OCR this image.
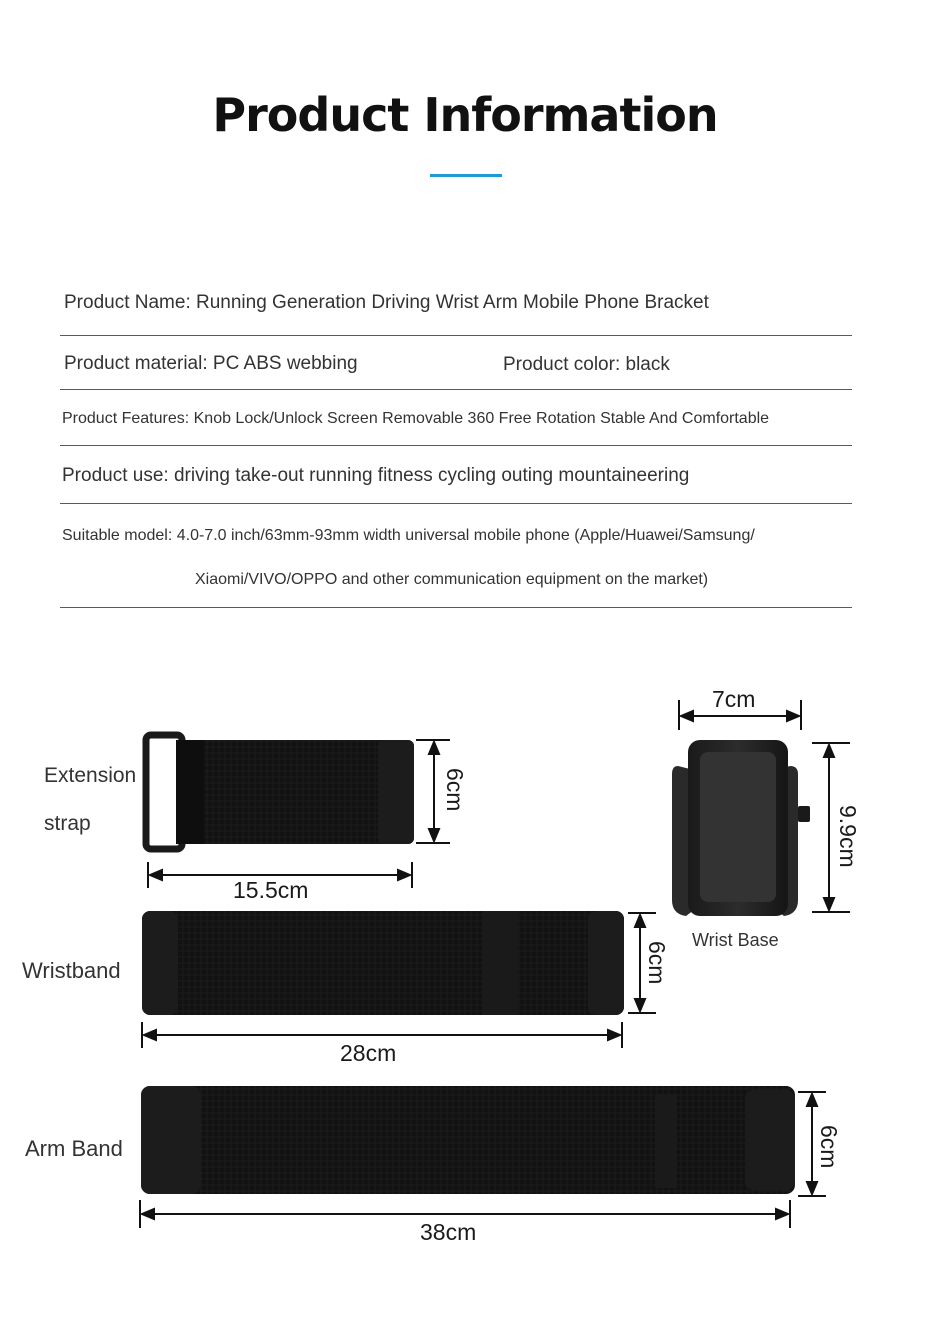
Product Information
Product Name: Running Generation Driving Wrist Arm Mobile Phone Bracket
Product material: PC ABS webbing	Product color: black
Product Features: Knob Lock/Unlock Screen Removable 360 Free Rotation Stable And Comfortable
Product use: driving take-out running fitness cycling outing mountaineering
Suitable model: 4.0-7.0 inch/63mm-93mm width universal mobile phone (Apple/Huawei/Samsung/
Xiaomi/VIVO/OPPO and other communication equipment on the market)
Extension
strap
Wristband
Arm Band
Wrist Base
15.5cm
6cm
28cm
6cm
38cm
6cm
7cm
9.9cm
